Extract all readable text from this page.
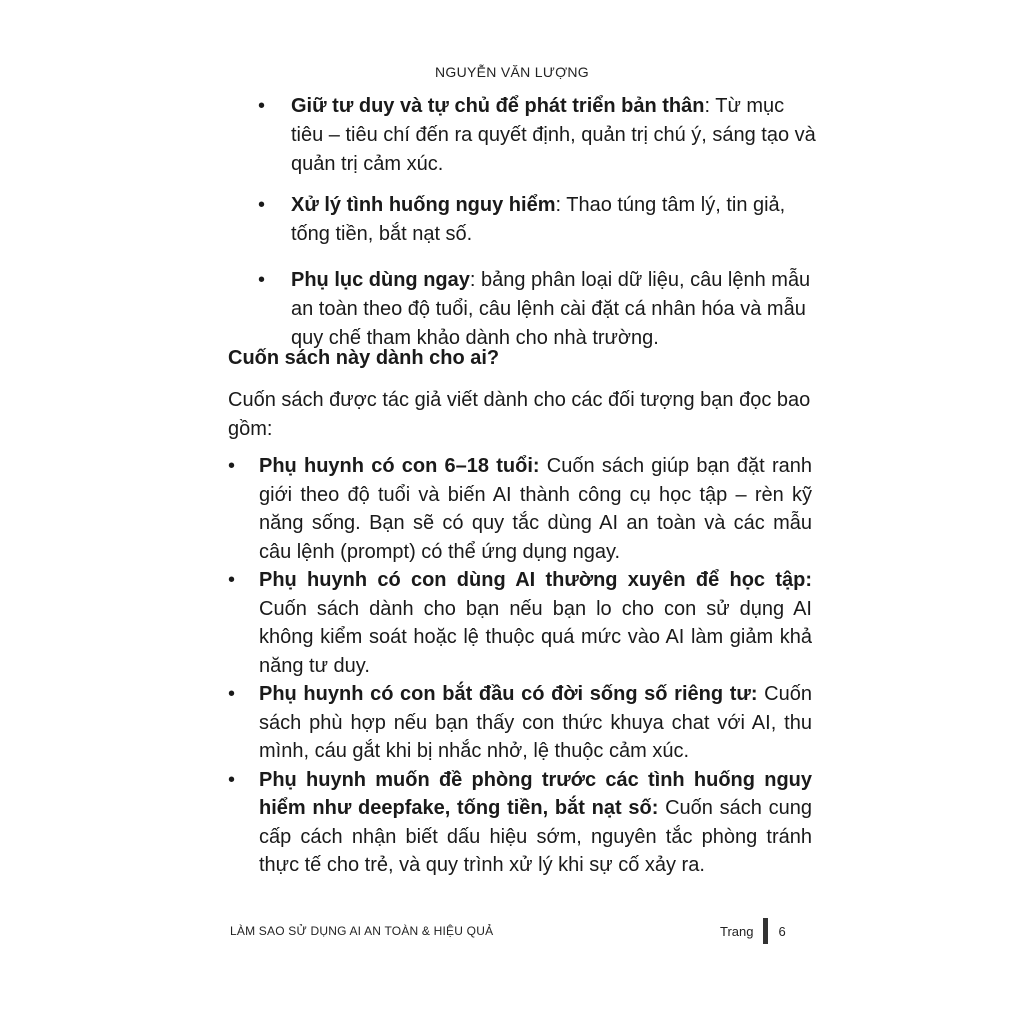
NGUYỄN VĂN LƯỢNG
• Giữ tư duy và tự chủ để phát triển bản thân: Từ mục tiêu – tiêu chí đến ra quyết định, quản trị chú ý, sáng tạo và quản trị cảm xúc.
• Xử lý tình huống nguy hiểm: Thao túng tâm lý, tin giả, tống tiền, bắt nạt số.
• Phụ lục dùng ngay: bảng phân loại dữ liệu, câu lệnh mẫu an toàn theo độ tuổi, câu lệnh cài đặt cá nhân hóa và mẫu quy chế tham khảo dành cho nhà trường.
Cuốn sách này dành cho ai?

Cuốn sách được tác giả viết dành cho các đối tượng bạn đọc bao gồm:

• Phụ huynh có con 6–18 tuổi: Cuốn sách giúp bạn đặt ranh giới theo độ tuổi và biến AI thành công cụ học tập – rèn kỹ năng sống. Bạn sẽ có quy tắc dùng AI an toàn và các mẫu câu lệnh (prompt) có thể ứng dụng ngay.
• Phụ huynh có con dùng AI thường xuyên để học tập: Cuốn sách dành cho bạn nếu bạn lo cho con sử dụng AI không kiểm soát hoặc lệ thuộc quá mức vào AI làm giảm khả năng tư duy.
• Phụ huynh có con bắt đầu có đời sống số riêng tư: Cuốn sách phù hợp nếu bạn thấy con thức khuya chat với AI, thu mình, cáu gắt khi bị nhắc nhở, lệ thuộc cảm xúc.
• Phụ huynh muốn đề phòng trước các tình huống nguy hiểm như deepfake, tống tiền, bắt nạt số: Cuốn sách cung cấp cách nhận biết dấu hiệu sớm, nguyên tắc phòng tránh thực tế cho trẻ, và quy trình xử lý khi sự cố xảy ra.
LÀM SAO SỬ DỤNG AI AN TOÀN & HIỆU QUẢ	Trang 6
